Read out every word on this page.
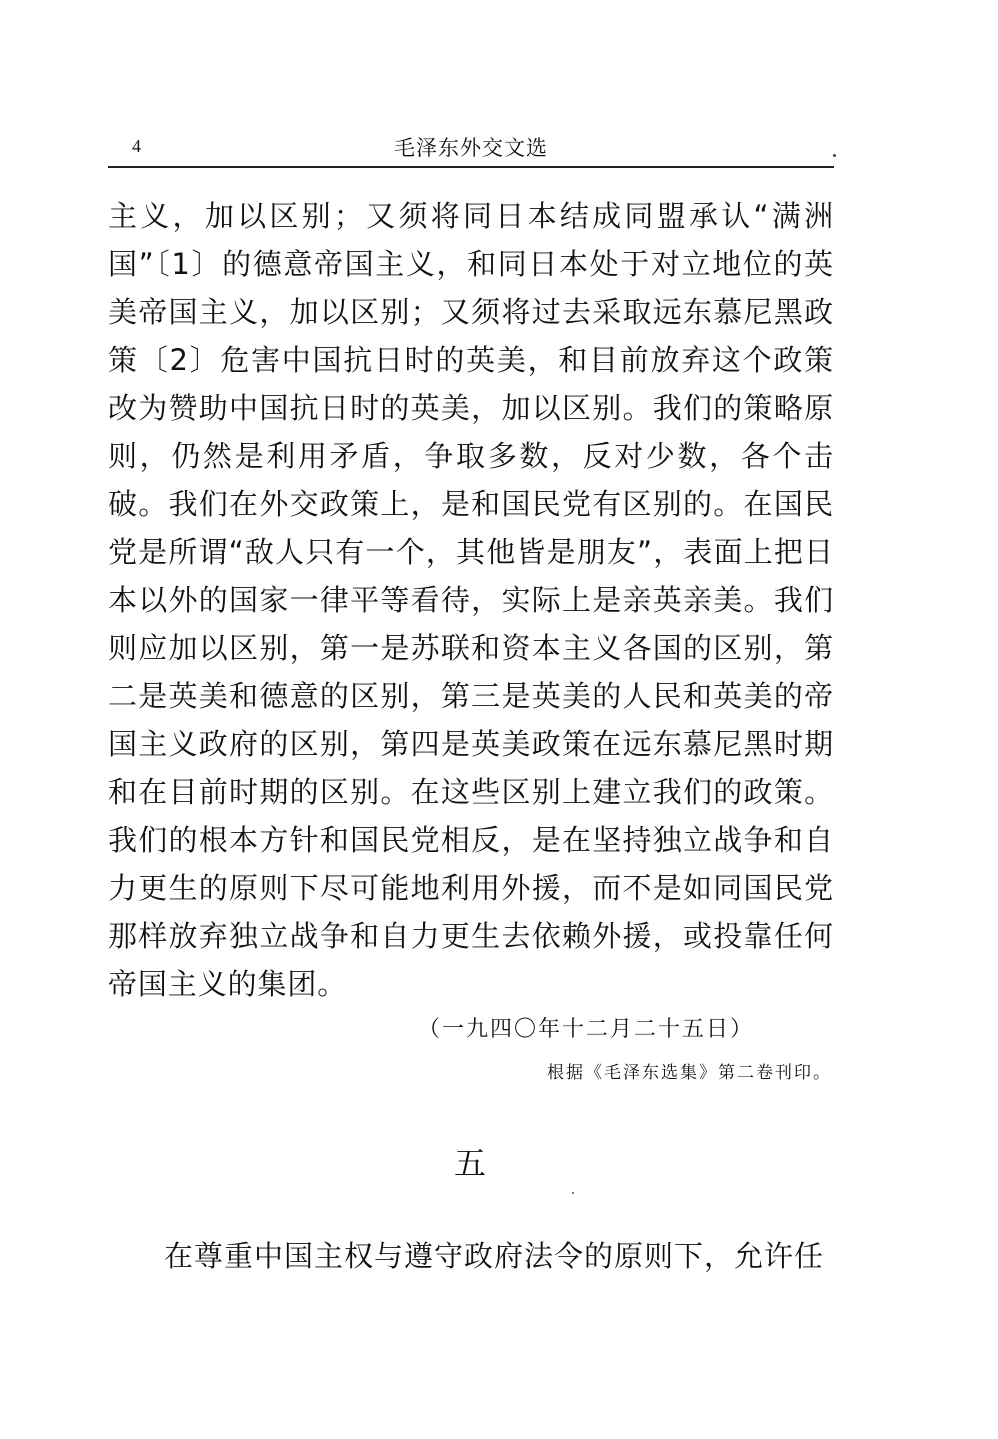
4	毛泽东外交文选
主义，加以区别；又须将同日本结成同盟承认“满洲国”〔1〕的德意帝国主义，和同日本处于对立地位的英美帝国主义，加以区别；又须将过去采取远东慕尼黑政策〔2〕危害中国抗日时的英美，和目前放弃这个政策改为赞助中国抗日时的英美，加以区别。我们的策略原则，仍然是利用矛盾，争取多数，反对少数，各个击破。我们在外交政策上，是和国民党有区别的。在国民党是所谓“敌人只有一个，其他皆是朋友”，表面上把日本以外的国家一律平等看待，实际上是亲英亲美。我们则应加以区别，第一是苏联和资本主义各国的区别，第二是英美和德意的区别，第三是英美的人民和英美的帝国主义政府的区别，第四是英美政策在远东慕尼黑时期和在目前时期的区别。在这些区别上建立我们的政策。我们的根本方针和国民党相反，是在坚持独立战争和自力更生的原则下尽可能地利用外援，而不是如同国民党那样放弃独立战争和自力更生去依赖外援，或投靠任何帝国主义的集团。
（一九四〇年十二月二十五日）
根据《毛泽东选集》第二卷刊印。
五
在尊重中国主权与遵守政府法令的原则下，允许任
